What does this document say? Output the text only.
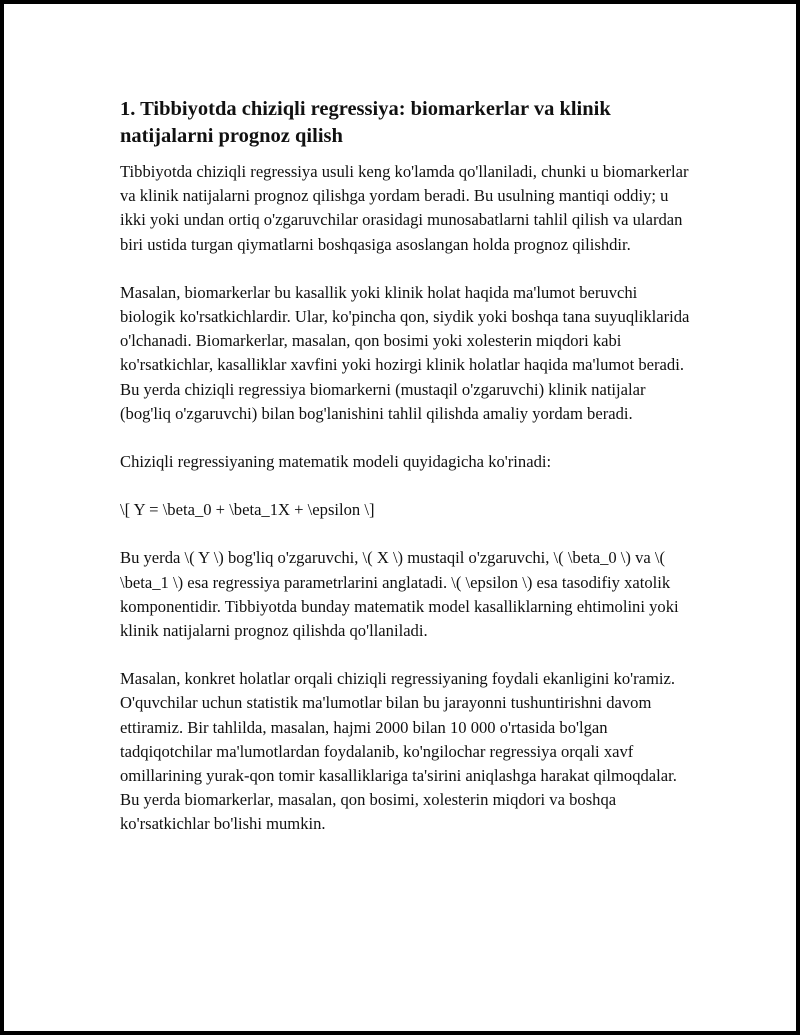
1. Tibbiyotda chiziqli regressiya: biomarkerlar va klinik natijalarni prognoz qilish

Tibbiyotda chiziqli regressiya usuli keng ko'lamda qo'llaniladi, chunki u biomarkerlar va klinik natijalarni prognoz qilishga yordam beradi. Bu usulning mantiqi oddiy; u ikki yoki undan ortiq o'zgaruvchilar orasidagi munosabatlarni tahlil qilish va ulardan biri ustida turgan qiymatlarni boshqasiga asoslangan holda prognoz qilishdir.

Masalan, biomarkerlar bu kasallik yoki klinik holat haqida ma'lumot beruvchi biologik ko'rsatkichlardir. Ular, ko'pincha qon, siydik yoki boshqa tana suyuqliklarida o'lchanadi. Biomarkerlar, masalan, qon bosimi yoki xolesterin miqdori kabi ko'rsatkichlar, kasalliklar xavfini yoki hozirgi klinik holatlar haqida ma'lumot beradi. Bu yerda chiziqli regressiya biomarkerni (mustaqil o'zgaruvchi) klinik natijalar (bog'liq o'zgaruvchi) bilan bog'lanishini tahlil qilishda amaliy yordam beradi.

Chiziqli regressiyaning matematik modeli quyidagicha ko'rinadi:

\[ Y = \beta_0 + \beta_1X + \epsilon \]

Bu yerda \( Y \) bog'liq o'zgaruvchi, \( X \) mustaqil o'zgaruvchi, \( \beta_0 \) va \( \beta_1 \) esa regressiya parametrlarini anglatadi. \( \epsilon \) esa tasodifiy xatolik komponentidir. Tibbiyotda bunday matematik model kasalliklarning ehtimolini yoki klinik natijalarni prognoz qilishda qo'llaniladi.

Masalan, konkret holatlar orqali chiziqli regressiyaning foydali ekanligini ko'ramiz. O'quvchilar uchun statistik ma'lumotlar bilan bu jarayonni tushuntirishni davom ettiramiz. Bir tahlilda, masalan, hajmi 2000 bilan 10 000 o'rtasida bo'lgan tadqiqotchilar ma'lumotlardan foydalanib, ko'ngilochar regressiya orqali xavf omillarining yurak-qon tomir kasalliklariga ta'sirini aniqlashga harakat qilmoqdalar. Bu yerda biomarkerlar, masalan, qon bosimi, xolesterin miqdori va boshqa ko'rsatkichlar bo'lishi mumkin.
